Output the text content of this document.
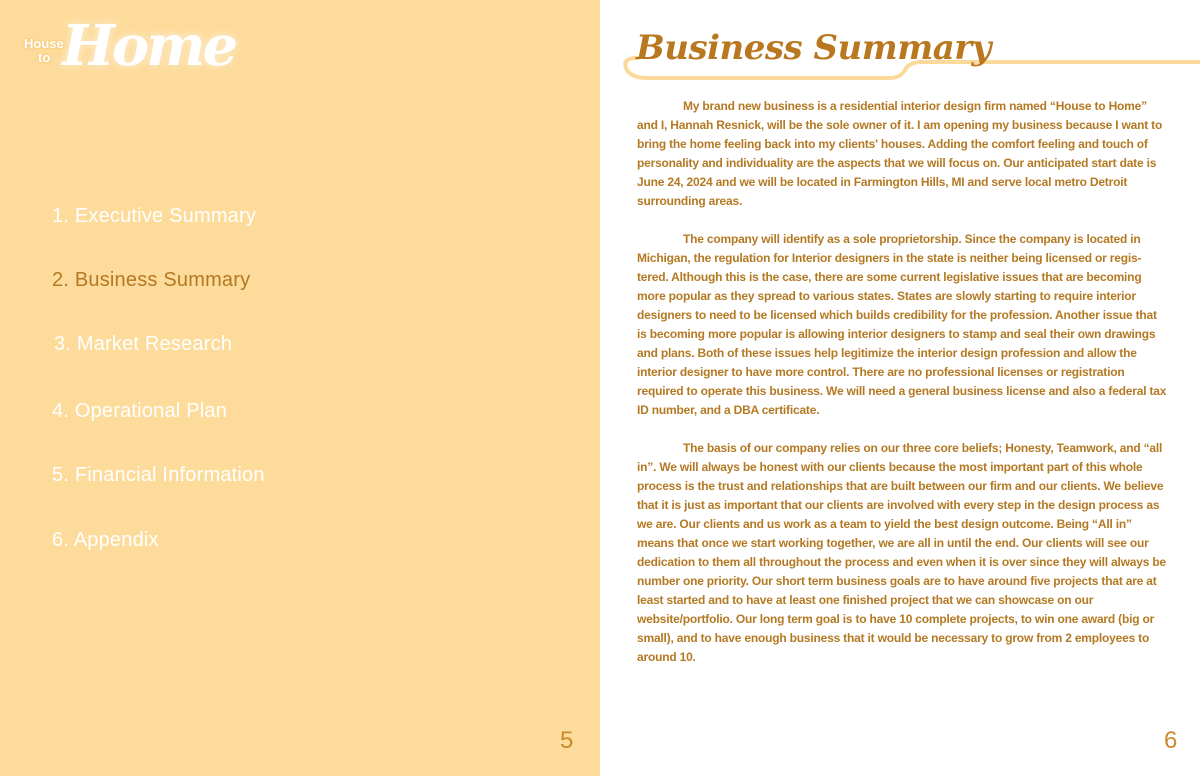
House
to Home
1. Executive Summary
2. Business Summary
3. Market Research
4. Operational Plan
5. Financial Information
6. Appendix
5
Business Summary

My brand new business is a residential interior design firm named “House to Home” and I, Hannah Resnick, will be the sole owner of it. I am opening my business because I want to bring the home feeling back into my clients' houses. Adding the comfort feeling and touch of personality and individuality are the aspects that we will focus on. Our anticipated start date is June 24, 2024 and we will be located in Farmington Hills, MI and serve local metro Detroit surrounding areas.

The company will identify as a sole proprietorship. Since the company is located in Michigan, the regulation for Interior designers in the state is neither being licensed or regis-tered. Although this is the case, there are some current legislative issues that are becoming more popular as they spread to various states. States are slowly starting to require interior designers to need to be licensed which builds credibility for the profession. Another issue that is becoming more popular is allowing interior designers to stamp and seal their own drawings and plans. Both of these issues help legitimize the interior design profession and allow the interior designer to have more control. There are no professional licenses or registration required to operate this business. We will need a general business license and also a federal tax ID number, and a DBA certificate.

The basis of our company relies on our three core beliefs; Honesty, Teamwork, and “all in”. We will always be honest with our clients because the most important part of this whole process is the trust and relationships that are built between our firm and our clients. We believe that it is just as important that our clients are involved with every step in the design process as we are. Our clients and us work as a team to yield the best design outcome. Being “All in” means that once we start working together, we are all in until the end. Our clients will see our dedication to them all throughout the process and even when it is over since they will always be number one priority. Our short term business goals are to have around five projects that are at least started and to have at least one finished project that we can showcase on our website/portfolio. Our long term goal is to have 10 complete projects, to win one award (big or small), and to have enough business that it would be necessary to grow from 2 employees to around 10.

6
